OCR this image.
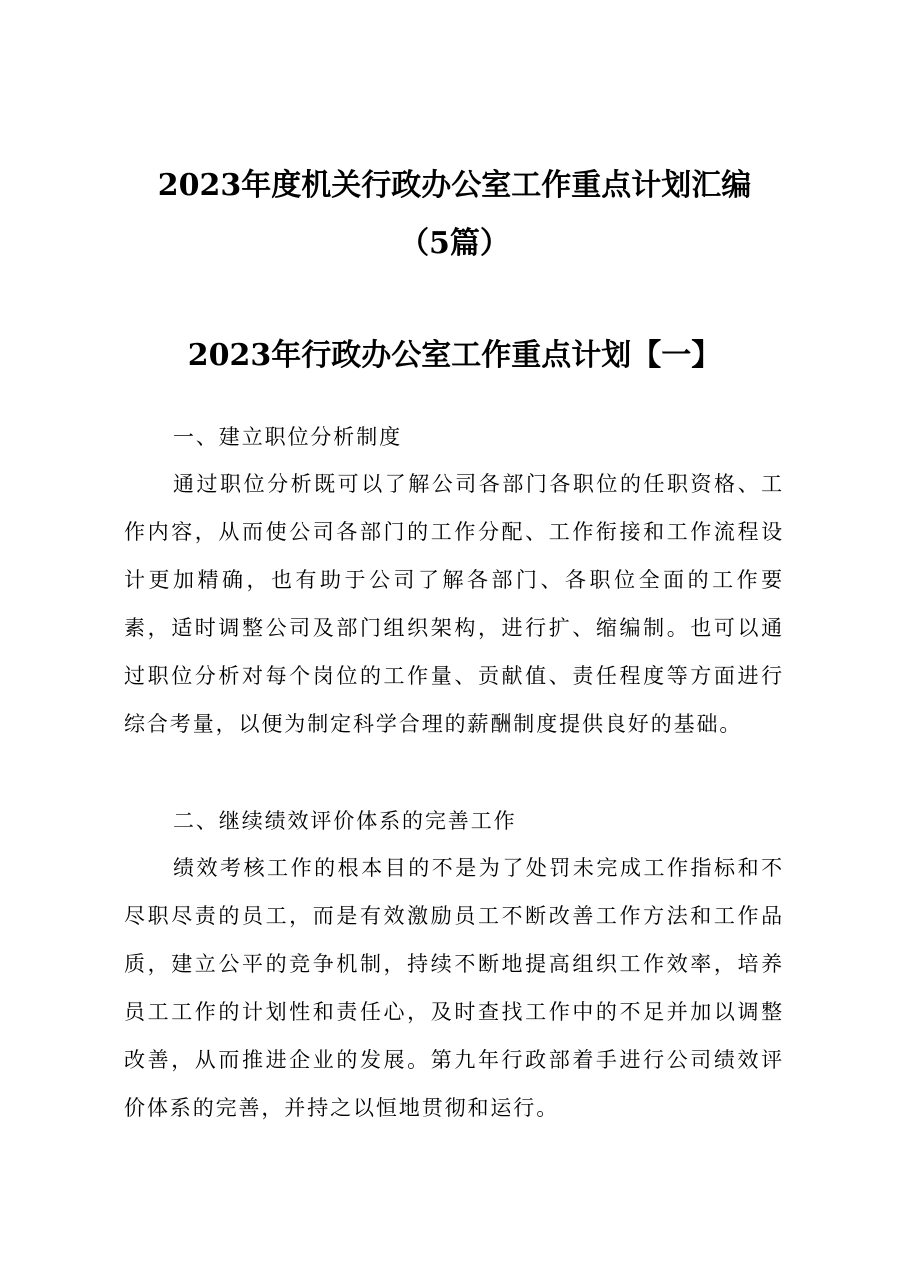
2023年度机关行政办公室工作重点计划汇编
（5篇）
2023年行政办公室工作重点计划【一】

一、建立职位分析制度

通过职位分析既可以了解公司各部门各职位的任职资格、工作内容，从而使公司各部门的工作分配、工作衔接和工作流程设计更加精确，也有助于公司了解各部门、各职位全面的工作要素，适时调整公司及部门组织架构，进行扩、缩编制。也可以通过职位分析对每个岗位的工作量、贡献值、责任程度等方面进行综合考量，以便为制定科学合理的薪酬制度提供良好的基础。

二、继续绩效评价体系的完善工作

绩效考核工作的根本目的不是为了处罚未完成工作指标和不尽职尽责的员工，而是有效激励员工不断改善工作方法和工作品质，建立公平的竞争机制，持续不断地提高组织工作效率，培养员工工作的计划性和责任心，及时查找工作中的不足并加以调整改善，从而推进企业的发展。第九年行政部着手进行公司绩效评价体系的完善，并持之以恒地贯彻和运行。
